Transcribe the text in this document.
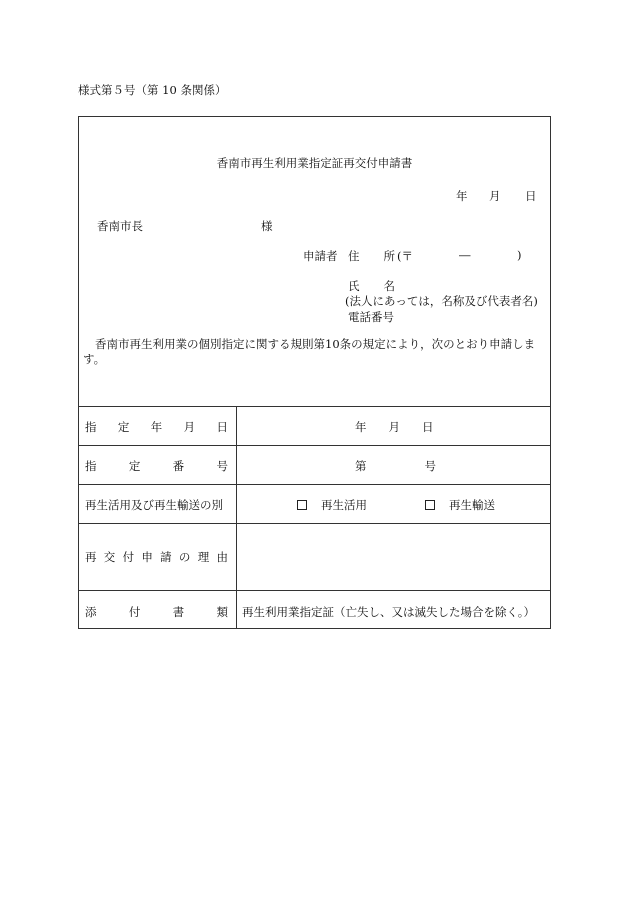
様式第５号（第 10 条関係）
香南市再生利用業指定証再交付申請書
年 月 日
香南市長	様
申請者 住 所 (〒	―	)
氏 名
(法人にあっては，名称及び代表者名)
電話番号
香南市再生利用業の個別指定に関する規則第10条の規定により，次のとおり申請します。
指 定 年 月 日	年 月 日
指	定	番	号	第	号
再生活用及び再生輸送の別	再生活用	再生輸送
再 交 付 申 請 の 理 由
添	付	書	類 再生利用業指定証（亡失し、又は滅失した場合を除く。）
